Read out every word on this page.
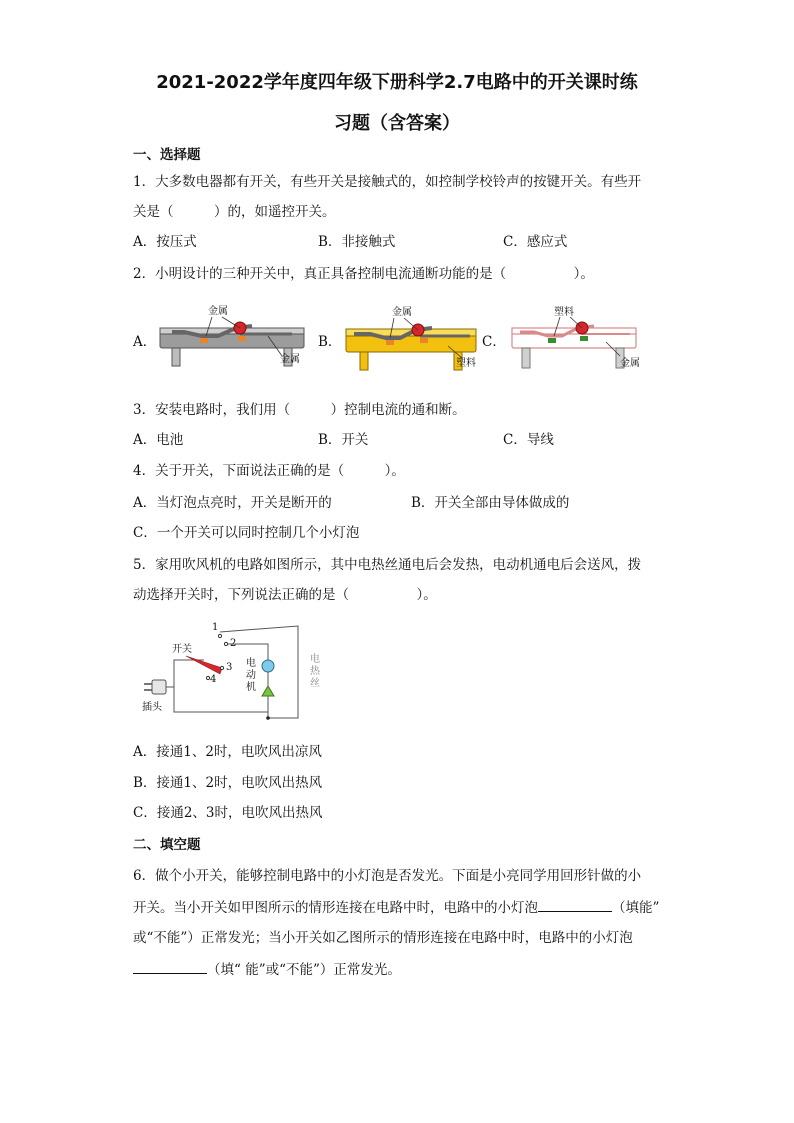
2021-2022学年度四年级下册科学2.7电路中的开关课时练
习题（含答案）
一、选择题
1．大多数电器都有开关，有些开关是接触式的，如控制学校铃声的按键开关。有些开
关是（　　　）的，如遥控开关。
A．按压式	B．非接触式	C．感应式
2．小明设计的三种开关中，真正具备控制电流通断功能的是（　　　　　）。
A．	B．	C．
金属
金属
金属
塑料
塑料
金属
3．安装电路时，我们用（　　　）控制电流的通和断。
A．电池	B．开关	C．导线
4．关于开关，下面说法正确的是（　　　）。
A．当灯泡点亮时，开关是断开的	B．开关全部由导体做成的
C．一个开关可以同时控制几个小灯泡
5．家用吹风机的电路如图所示，其中电热丝通电后会发热，电动机通电后会送风，拨
动选择开关时，下列说法正确的是（　　　　　）。
开关
插头
1
2
3
4
电
动
机
电
热
丝
A．接通1、2时，电吹风出凉风
B．接通1、2时，电吹风出热风
C．接通2、3时，电吹风出热风
二、填空题
6．做个小开关，能够控制电路中的小灯泡是否发光。下面是小亮同学用回形针做的小
开关。当小开关如甲图所示的情形连接在电路中时，电路中的小灯泡	（填能”
或“不能”）正常发光；当小开关如乙图所示的情形连接在电路中时，电路中的小灯泡
（填“ 能”或“不能”）正常发光。
